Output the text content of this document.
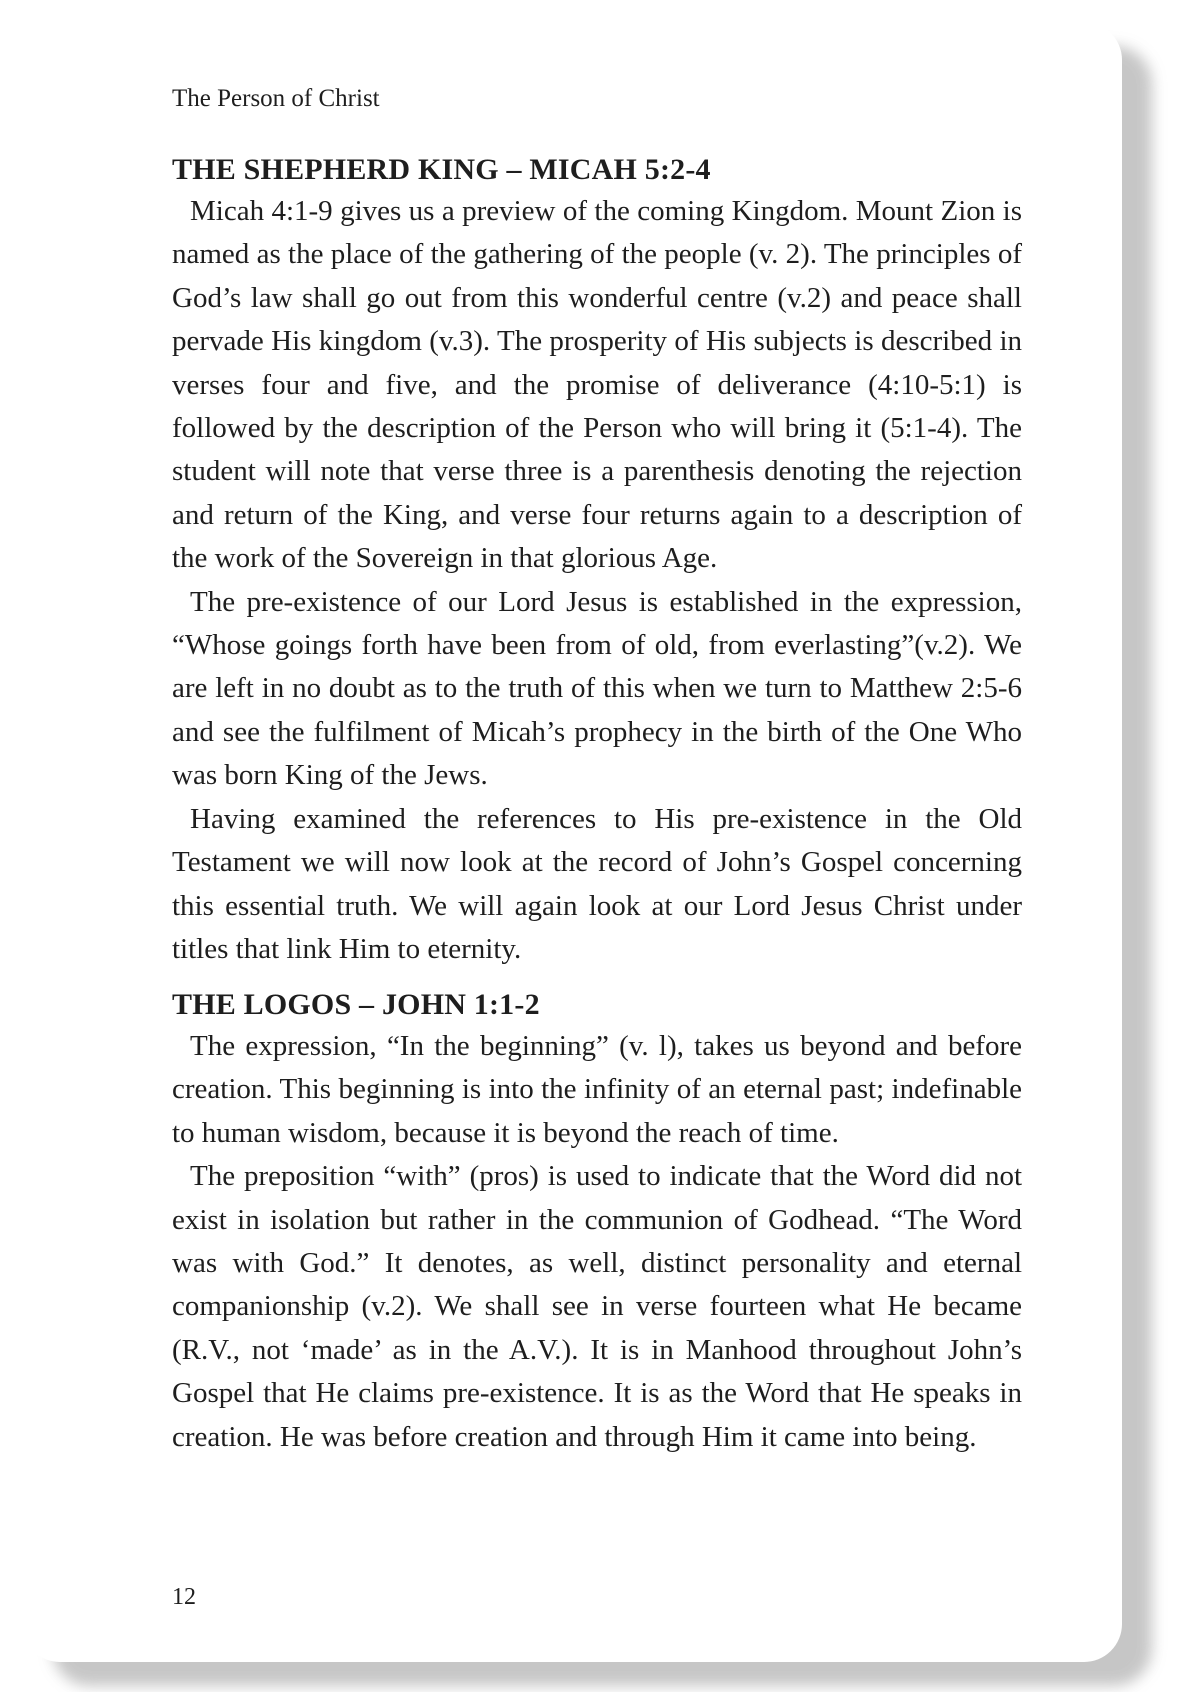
The Person of Christ
THE SHEPHERD KING – MICAH 5:2-4

Micah 4:1-9 gives us a preview of the coming Kingdom. Mount Zion is named as the place of the gathering of the people (v. 2). The principles of God’s law shall go out from this wonderful centre (v.2) and peace shall pervade His kingdom (v.3). The prosperity of His subjects is described in verses four and five, and the promise of deliverance (4:10-5:1) is followed by the description of the Person who will bring it (5:1-4). The student will note that verse three is a parenthesis denoting the rejection and return of the King, and verse four returns again to a description of the work of the Sovereign in that glorious Age.

The pre-existence of our Lord Jesus is established in the expression, “Whose goings forth have been from of old, from everlasting”(v.2). We are left in no doubt as to the truth of this when we turn to Matthew 2:5-6 and see the fulfilment of Micah’s prophecy in the birth of the One Who was born King of the Jews.

Having examined the references to His pre-existence in the Old Testament we will now look at the record of John’s Gospel concerning this essential truth. We will again look at our Lord Jesus Christ under titles that link Him to eternity.

THE LOGOS – JOHN 1:1-2

The expression, “In the beginning” (v. l), takes us beyond and before creation. This beginning is into the infinity of an eternal past; indefinable to human wisdom, because it is beyond the reach of time.

The preposition “with” (pros) is used to indicate that the Word did not exist in isolation but rather in the communion of Godhead. “The Word was with God.” It denotes, as well, distinct personality and eternal companionship (v.2). We shall see in verse fourteen what He became (R.V., not ‘made’ as in the A.V.). It is in Manhood throughout John’s Gospel that He claims pre-existence. It is as the Word that He speaks in creation. He was before creation and through Him it came into being.

12
